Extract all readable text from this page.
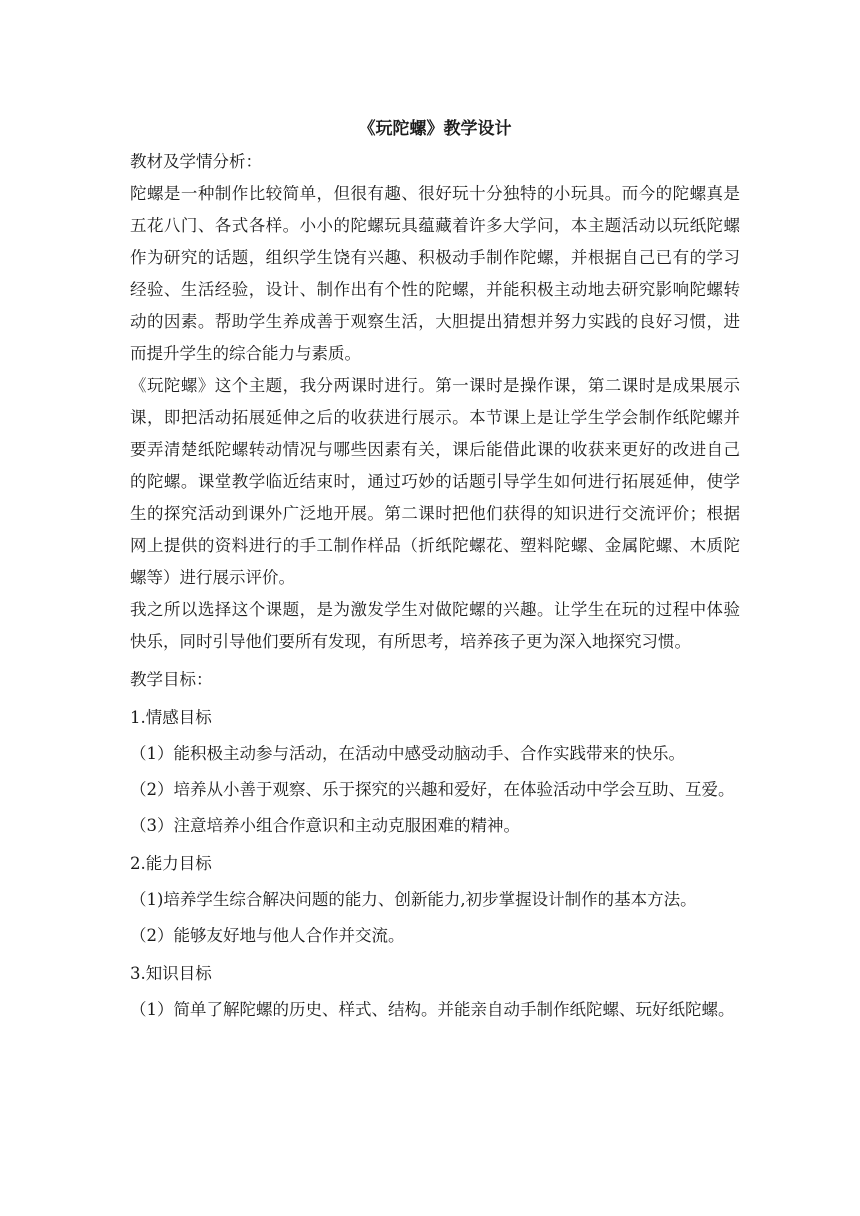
《玩陀螺》教学设计

教材及学情分析：

陀螺是一种制作比较简单，但很有趣、很好玩十分独特的小玩具。而今的陀螺真是五花八门、各式各样。小小的陀螺玩具蕴藏着许多大学问，本主题活动以玩纸陀螺作为研究的话题，组织学生饶有兴趣、积极动手制作陀螺，并根据自己已有的学习经验、生活经验，设计、制作出有个性的陀螺，并能积极主动地去研究影响陀螺转动的因素。帮助学生养成善于观察生活，大胆提出猜想并努力实践的良好习惯，进而提升学生的综合能力与素质。

《玩陀螺》这个主题，我分两课时进行。第一课时是操作课，第二课时是成果展示课，即把活动拓展延伸之后的收获进行展示。本节课上是让学生学会制作纸陀螺并要弄清楚纸陀螺转动情况与哪些因素有关，课后能借此课的收获来更好的改进自己的陀螺。课堂教学临近结束时，通过巧妙的话题引导学生如何进行拓展延伸，使学生的探究活动到课外广泛地开展。第二课时把他们获得的知识进行交流评价；根据网上提供的资料进行的手工制作样品（折纸陀螺花、塑料陀螺、金属陀螺、木质陀螺等）进行展示评价。

我之所以选择这个课题，是为激发学生对做陀螺的兴趣。让学生在玩的过程中体验快乐，同时引导他们要所有发现，有所思考，培养孩子更为深入地探究习惯。

教学目标：

1.情感目标

（1）能积极主动参与活动，在活动中感受动脑动手、合作实践带来的快乐。

（2）培养从小善于观察、乐于探究的兴趣和爱好，在体验活动中学会互助、互爱。

（3）注意培养小组合作意识和主动克服困难的精神。

2.能力目标

（1)培养学生综合解决问题的能力、创新能力,初步掌握设计制作的基本方法。

（2）能够友好地与他人合作并交流。

3.知识目标

（1）简单了解陀螺的历史、样式、结构。并能亲自动手制作纸陀螺、玩好纸陀螺。
